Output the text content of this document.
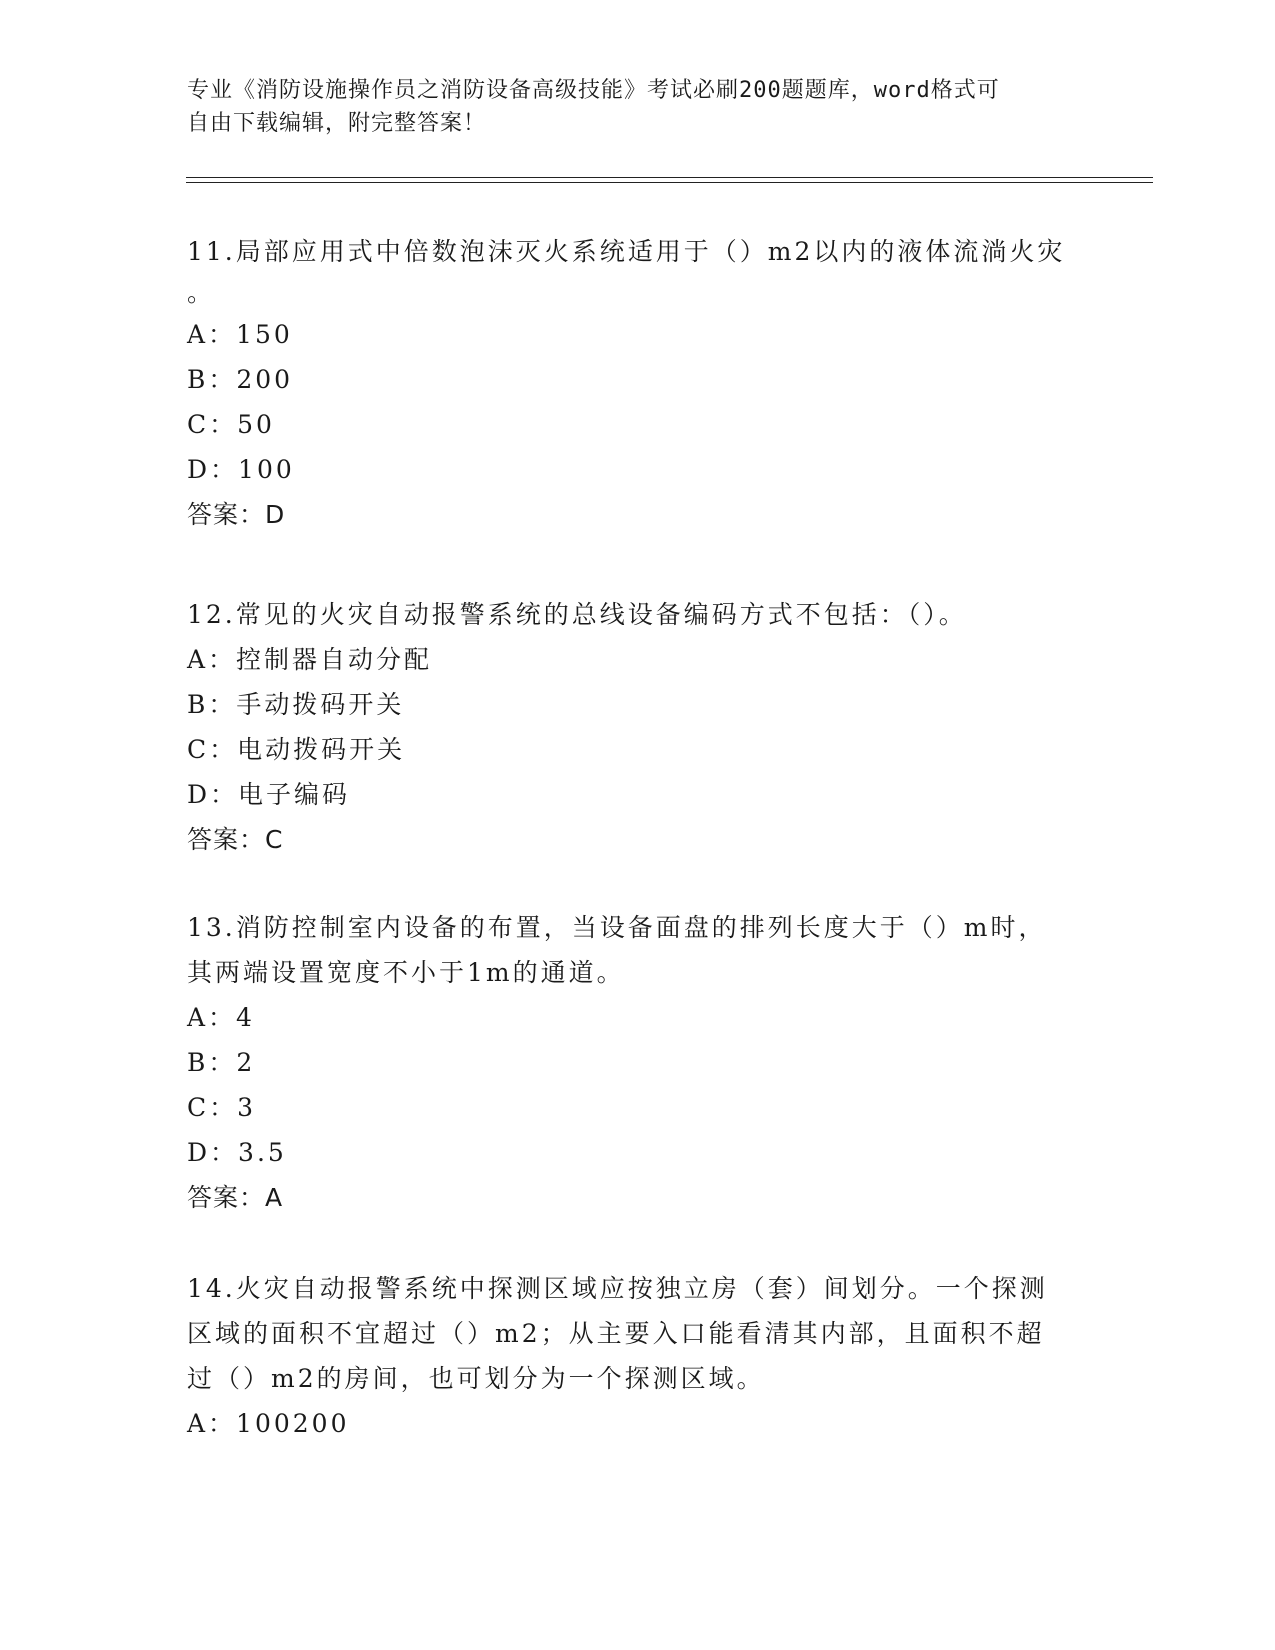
专业《消防设施操作员之消防设备高级技能》考试必刷200题题库，word格式可

自由下载编辑，附完整答案！

11.局部应用式中倍数泡沫灭火系统适用于（）m2以内的液体流淌火灾

。

A：150

B：200

C：50

D：100

答案：D

12.常见的火灾自动报警系统的总线设备编码方式不包括：（）。

A：控制器自动分配

B：手动拨码开关

C：电动拨码开关

D：电子编码

答案：C

13.消防控制室内设备的布置，当设备面盘的排列长度大于（）m时，

其两端设置宽度不小于1m的通道。

A：4

B：2

C：3

D：3.5

答案：A

14.火灾自动报警系统中探测区域应按独立房（套）间划分。一个探测

区域的面积不宜超过（）m2；从主要入口能看清其内部，且面积不超

过（）m2的房间，也可划分为一个探测区域。

A：100200
